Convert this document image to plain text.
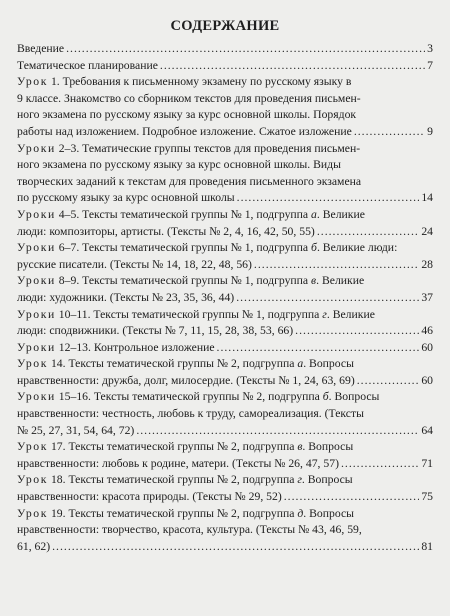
СОДЕРЖАНИЕ
Введение .....	3
Тематическое планирование .....	7
Урок 1. Требования к письменному экзамену по русскому языку в
9 классе. Знакомство со сборником текстов для проведения письмен-
ного экзамена по русскому языку за курс основной школы. Порядок
работы над изложением. Подробное изложение. Сжатое изложение .....	9
Уроки 2–3. Тематические группы текстов для проведения письмен-
ного экзамена по русскому языку за курс основной школы. Виды
творческих заданий к текстам для проведения письменного экзамена
по русскому языку за курс основной школы .....	14
Уроки 4–5. Тексты тематической группы № 1, подгруппа а. Великие
люди: композиторы, артисты. (Тексты № 2, 4, 16, 42, 50, 55) .....	24
Уроки 6–7. Тексты тематической группы № 1, подгруппа б. Великие люди:
русские писатели. (Тексты № 14, 18, 22, 48, 56) .....	28
Уроки 8–9. Тексты тематической группы № 1, подгруппа в. Великие
люди: художники. (Тексты № 23, 35, 36, 44) .....	37
Уроки 10–11. Тексты тематической группы № 1, подгруппа г. Великие
люди: сподвижники. (Тексты № 7, 11, 15, 28, 38, 53, 66) .....	46
Уроки 12–13. Контрольное изложение .....	60
Урок 14. Тексты тематической группы № 2, подгруппа а. Вопросы
нравственности: дружба, долг, милосердие. (Тексты № 1, 24, 63, 69) .....	60
Уроки 15–16. Тексты тематической группы № 2, подгруппа б. Вопросы
нравственности: честность, любовь к труду, самореализация. (Тексты
№ 25, 27, 31, 54, 64, 72) .....	64
Урок 17. Тексты тематической группы № 2, подгруппа в. Вопросы
нравственности: любовь к родине, матери. (Тексты № 26, 47, 57) .....	71
Урок 18. Тексты тематической группы № 2, подгруппа г. Вопросы
нравственности: красота природы. (Тексты № 29, 52) .....	75
Урок 19. Тексты тематической группы № 2, подгруппа д. Вопросы
нравственности: творчество, красота, культура. (Тексты № 43, 46, 59,
61, 62) .....	81
